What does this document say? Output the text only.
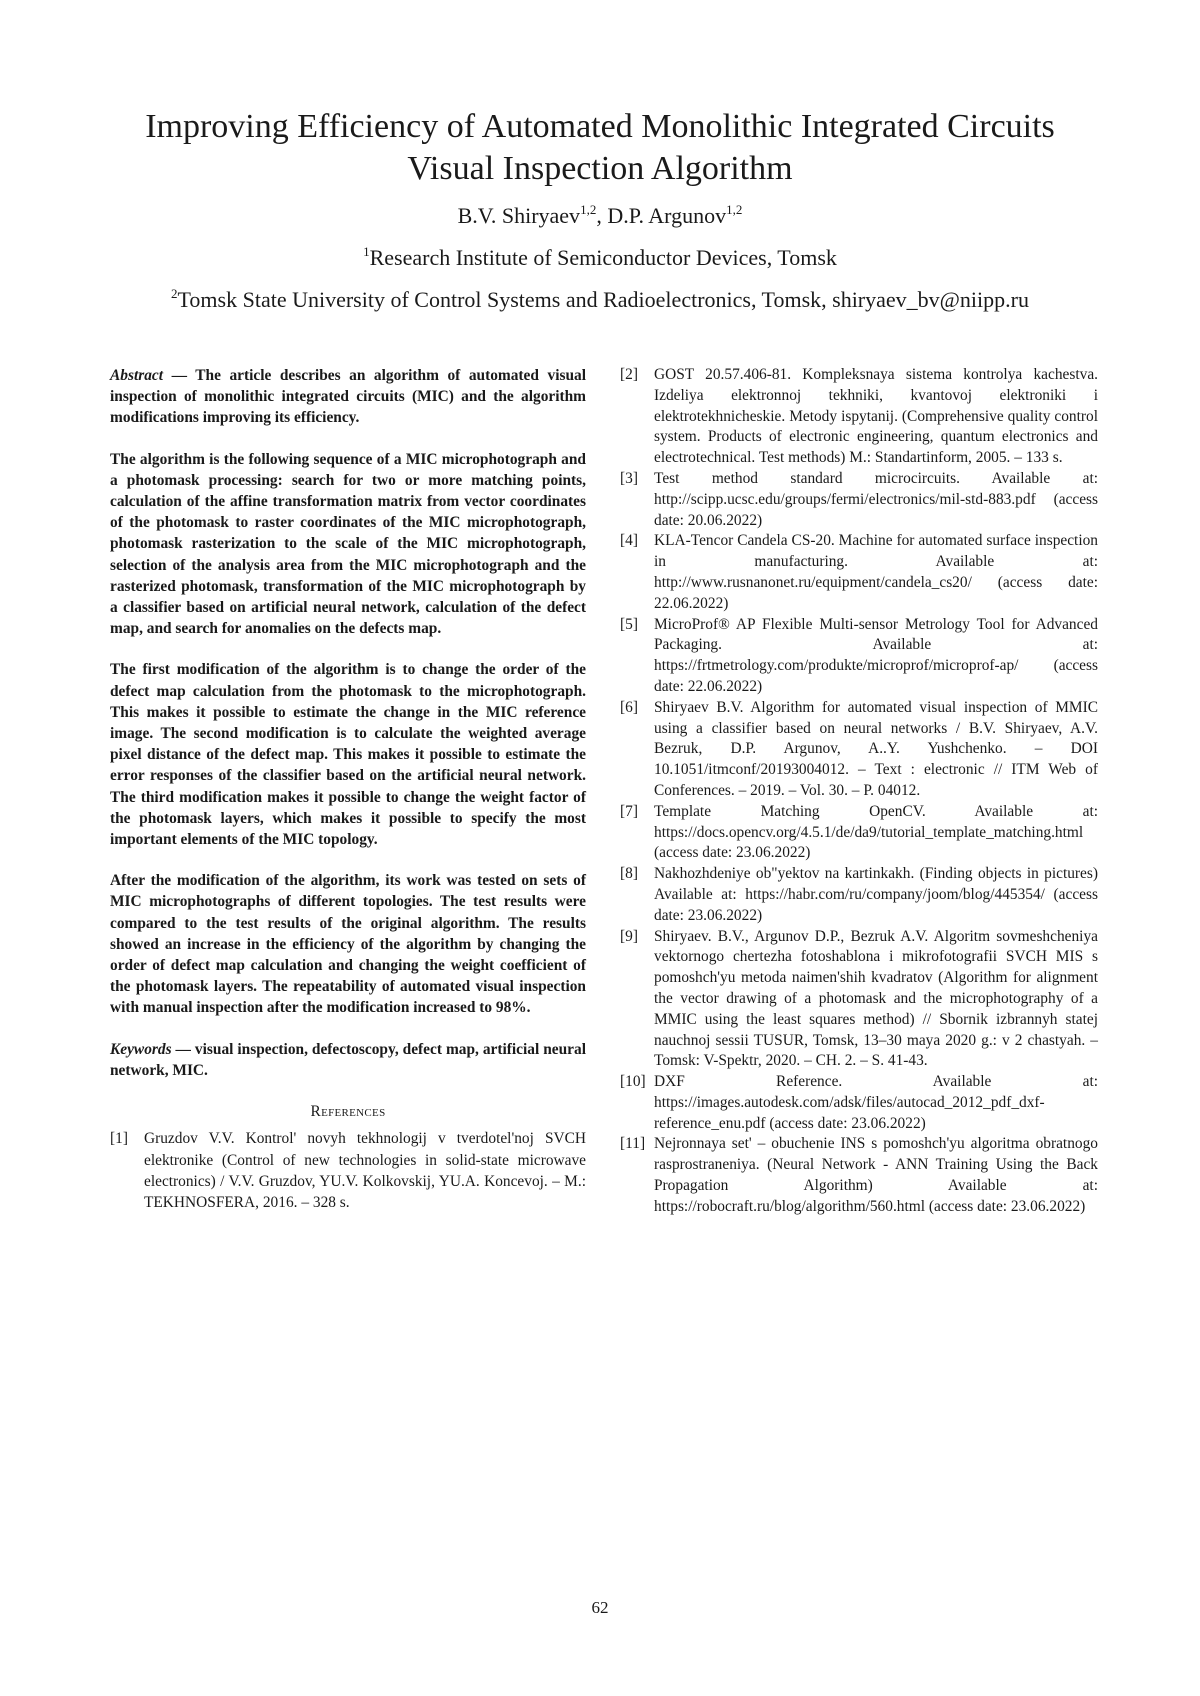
Improving Efficiency of Automated Monolithic Integrated Circuits
Visual Inspection Algorithm
B.V. Shiryaev$^{1,2}$, D.P. Argunov$^{1,2}$
$^1$Research Institute of Semiconductor Devices, Tomsk
$^2$Tomsk State University of Control Systems and Radioelectronics, Tomsk, shiryaev_bv@niipp.ru

Abstract — The article describes an algorithm of automated visual inspection of monolithic integrated circuits (MIC) and the algorithm modifications improving its efficiency.

The algorithm is the following sequence of a MIC microphotograph and a photomask processing: search for two or more matching points, calculation of the affine transformation matrix from vector coordinates of the photomask to raster coordinates of the MIC microphotograph, photomask rasterization to the scale of the MIC microphotograph, selection of the analysis area from the MIC microphotograph and the rasterized photomask, transformation of the MIC microphotograph by a classifier based on artificial neural network, calculation of the defect map, and search for anomalies on the defects map.

The first modification of the algorithm is to change the order of the defect map calculation from the photomask to the microphotograph. This makes it possible to estimate the change in the MIC reference image. The second modification is to calculate the weighted average pixel distance of the defect map. This makes it possible to estimate the error responses of the classifier based on the artificial neural network. The third modification makes it possible to change the weight factor of the photomask layers, which makes it possible to specify the most important elements of the MIC topology.

After the modification of the algorithm, its work was tested on sets of MIC microphotographs of different topologies. The test results were compared to the test results of the original algorithm. The results showed an increase in the efficiency of the algorithm by changing the order of defect map calculation and changing the weight coefficient of the photomask layers. The repeatability of automated visual inspection with manual inspection after the modification increased to 98%.

Keywords — visual inspection, defectoscopy, defect map, artificial neural network, MIC.

References
[1]	Gruzdov V.V. Kontrol' novyh tekhnologij v tverdotel'noj SVCH elektronike (Control of new technologies in solid-state microwave electronics) / V.V. Gruzdov, YU.V. Kolkovskij, YU.A. Koncevoj. – M.: TEKHNOSFERA, 2016. – 328 s.
[2]	GOST 20.57.406-81. Kompleksnaya sistema kontrolya kachestva. Izdeliya elektronnoj tekhniki, kvantovoj elektroniki i elektrotekhnicheskie. Metody ispytanij. (Comprehensive quality control system. Products of electronic engineering, quantum electronics and electrotechnical. Test methods) M.: Standartinform, 2005. – 133 s.
[3]	Test method standard microcircuits. Available at: http://scipp.ucsc.edu/groups/fermi/electronics/mil-std-883.pdf (access date: 20.06.2022)
[4]	KLA-Tencor Candela CS-20. Machine for automated surface inspection in manufacturing. Available at: http://www.rusnanonet.ru/equipment/candela_cs20/ (access date: 22.06.2022)
[5]	MicroProf® AP Flexible Multi-sensor Metrology Tool for Advanced Packaging. Available at: https://frtmetrology.com/produkte/microprof/microprof-ap/ (access date: 22.06.2022)
[6]	Shiryaev B.V. Algorithm for automated visual inspection of MMIC using a classifier based on neural networks / B.V. Shiryaev, A.V. Bezruk, D.P. Argunov, A..Y. Yushchenko. – DOI 10.1051/itmconf/20193004012. – Text : electronic // ITM Web of Conferences. – 2019. – Vol. 30. – P. 04012.
[7]	Template Matching OpenCV. Available at: https://docs.opencv.org/4.5.1/de/da9/tutorial_template_matching.html (access date: 23.06.2022)
[8]	Nakhozhdeniye ob"yektov na kartinkakh. (Finding objects in pictures) Available at: https://habr.com/ru/company/joom/blog/445354/ (access date: 23.06.2022)
[9]	Shiryaev. B.V., Argunov D.P., Bezruk A.V. Algoritm sovmeshcheniya vektornogo chertezha fotoshablona i mikrofotografii SVCH MIS s pomoshch'yu metoda naimen'shih kvadratov (Algorithm for alignment the vector drawing of a photomask and the microphotography of a MMIC using the least squares method) // Sbornik izbrannyh statej nauchnoj sessii TUSUR, Tomsk, 13–30 maya 2020 g.: v 2 chastyah. – Tomsk: V-Spektr, 2020. – CH. 2. – S. 41-43.
[10] DXF Reference. Available at: https://images.autodesk.com/adsk/files/autocad_2012_pdf_dxf-reference_enu.pdf (access date: 23.06.2022)
[11] Nejronnaya set' – obuchenie INS s pomoshch'yu algoritma obratnogo rasprostraneniya. (Neural Network - ANN Training Using the Back Propagation Algorithm) Available at: https://robocraft.ru/blog/algorithm/560.html (access date: 23.06.2022)
62
